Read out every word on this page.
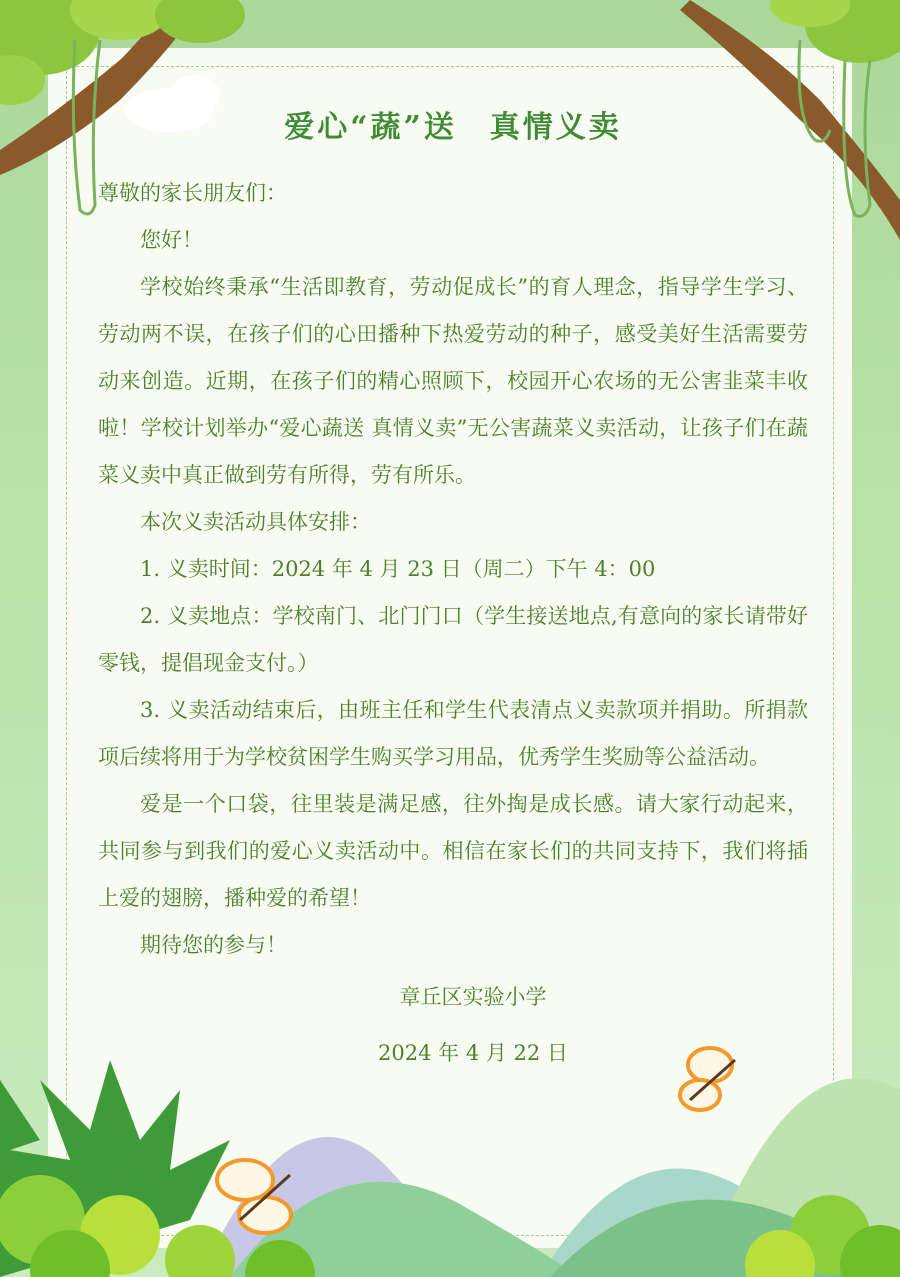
爱心“蔬”送　真情义卖

尊敬的家长朋友们：

您好！

学校始终秉承“生活即教育，劳动促成长”的育人理念，指导学生学习、劳动两不误，在孩子们的心田播种下热爱劳动的种子，感受美好生活需要劳动来创造。近期，在孩子们的精心照顾下，校园开心农场的无公害韭菜丰收啦！学校计划举办“爱心蔬送 真情义卖”无公害蔬菜义卖活动，让孩子们在蔬菜义卖中真正做到劳有所得，劳有所乐。

本次义卖活动具体安排：

1. 义卖时间：2024 年 4 月 23 日（周二）下午 4：00

2. 义卖地点：学校南门、北门门口（学生接送地点,有意向的家长请带好零钱，提倡现金支付。）

3. 义卖活动结束后，由班主任和学生代表清点义卖款项并捐助。所捐款项后续将用于为学校贫困学生购买学习用品，优秀学生奖励等公益活动。

爱是一个口袋，往里装是满足感，往外掏是成长感。请大家行动起来，共同参与到我们的爱心义卖活动中。相信在家长们的共同支持下，我们将插上爱的翅膀，播种爱的希望！

期待您的参与！

章丘区实验小学
2024 年 4 月 22 日
